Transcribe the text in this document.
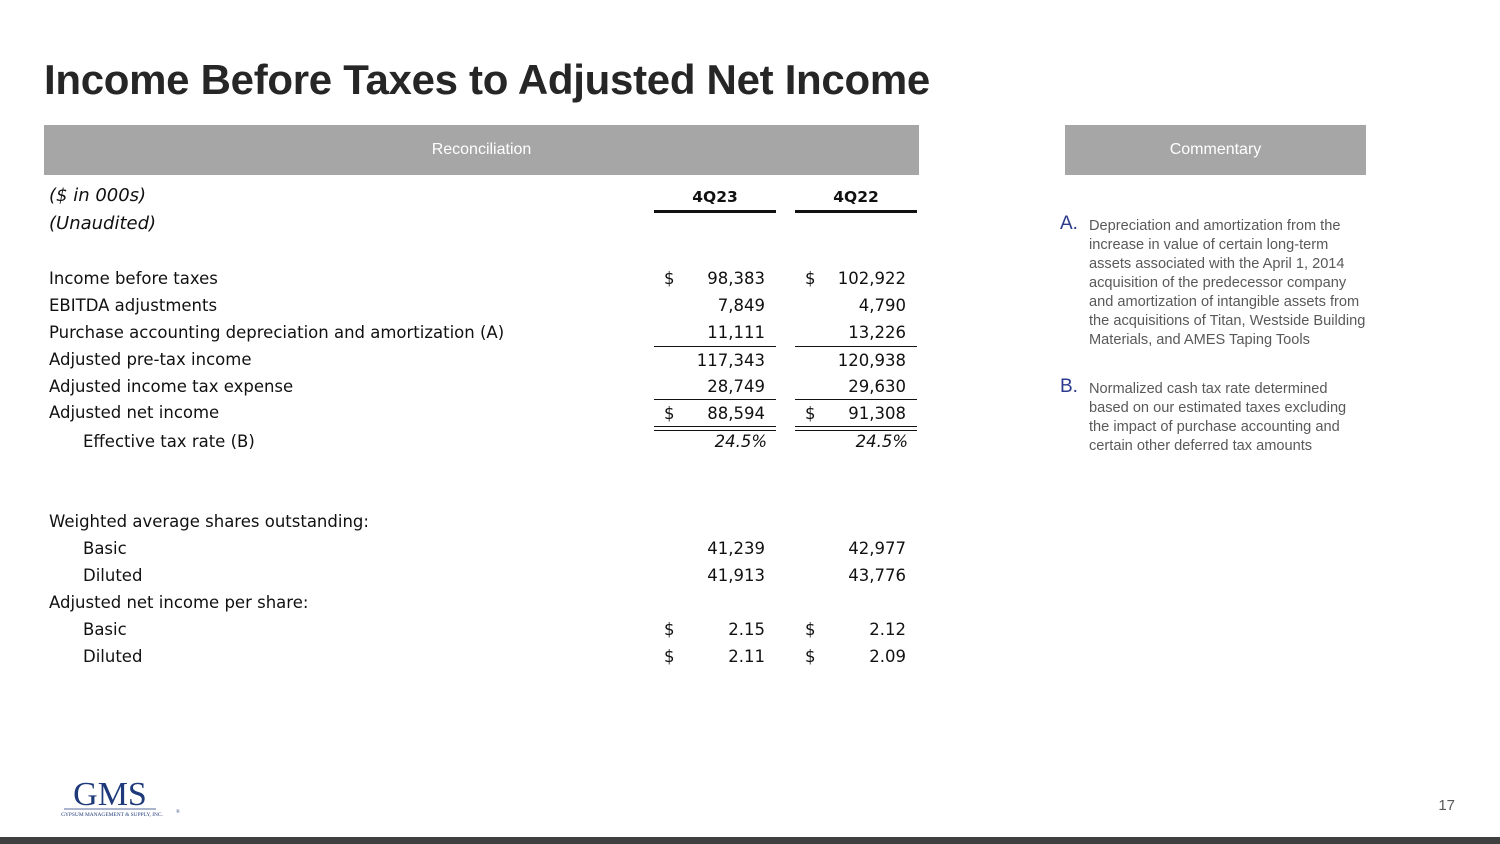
Income Before Taxes to Adjusted Net Income
Reconciliation	Commentary
($ in 000s)	4Q23	4Q22
(Unaudited)
Income before taxes	$ 98,383 $ 102,922
EBITDA adjustments	7,849	4,790
Purchase accounting depreciation and amortization (A)	11,111	13,226
Adjusted pre-tax income	117,343	120,938
Adjusted income tax expense	28,749	29,630
Adjusted net income	$ 88,594 $ 91,308
Effective tax rate (B)	24.5%	24.5%
Weighted average shares outstanding:
Basic	41,239	42,977
Diluted	41,913	43,776
Adjusted net income per share:
Basic	$	2.15 $	2.12
Diluted	$	2.11 $	2.09
A. Depreciation and amortization from the increase in value of certain long-term assets associated with the April 1, 2014 acquisition of the predecessor company and amortization of intangible assets from the acquisitions of Titan, Westside Building Materials, and AMES Taping Tools
B. Normalized cash tax rate determined based on our estimated taxes excluding the impact of purchase accounting and certain other deferred tax amounts
GMS
GYPSUM MANAGEMENT & SUPPLY, INC.	®	17
